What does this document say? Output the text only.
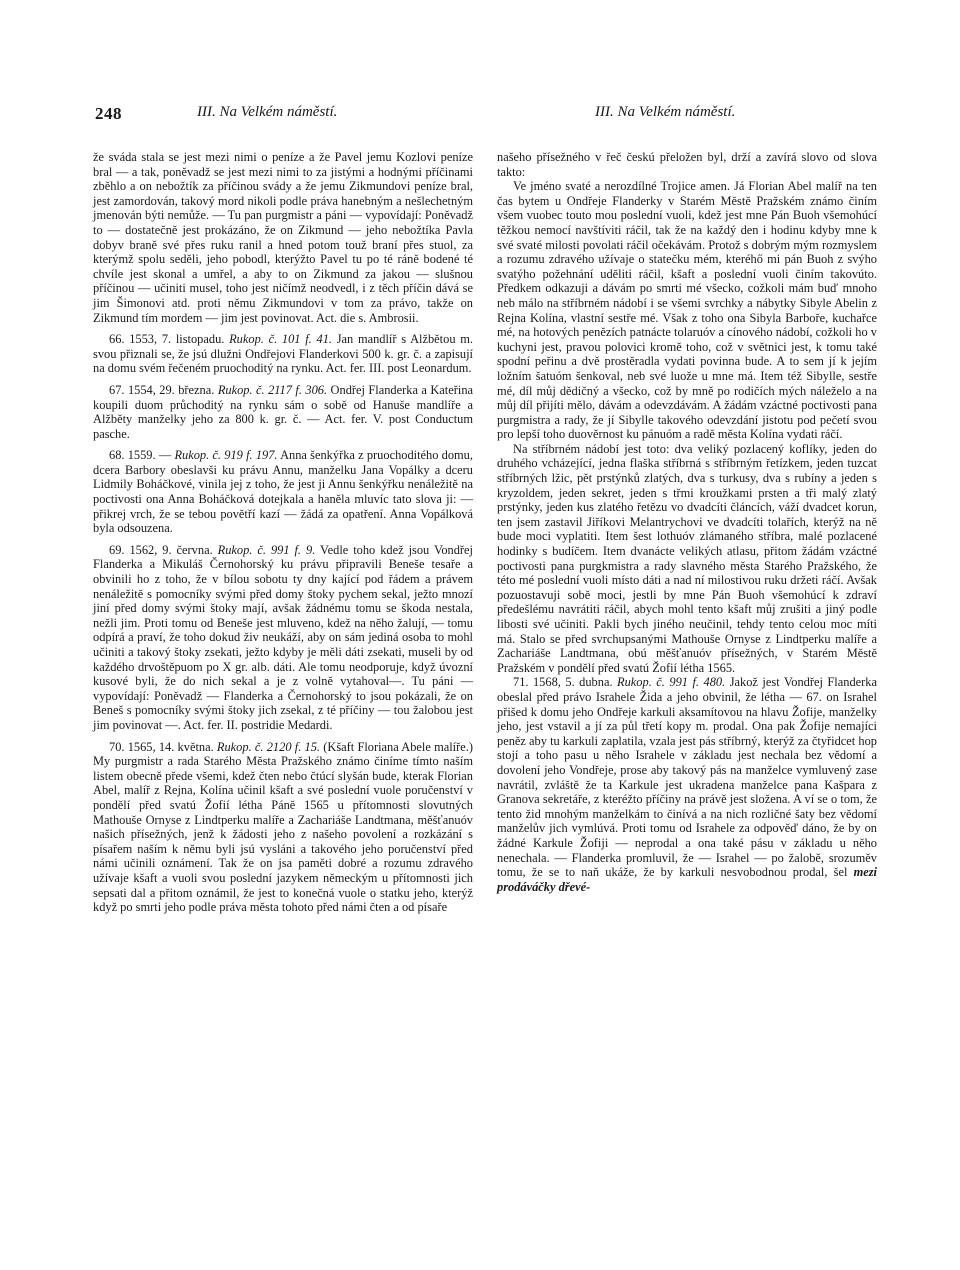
248	III. Na Velkém náměstí.	III. Na Velkém náměstí.

že sváda stala se jest mezi nimi o peníze a že Pavel jemu Kozlovi peníze bral — a tak, poněvadž se jest mezi nimi to za jistými a hodnými příčinami zběhlo a on nebožtík za příčinou svády a že jemu Zikmundovi peníze bral, jest zamordován, takový mord nikoli podle práva hanebným a nešlechetným jmenován býti nemůže. — Tu pan purgmistr a páni — vypovídají: Poněvadž to — dostatečně jest prokázáno, že on Zikmund — jeho nebožtíka Pavla dobyv braně své přes ruku ranil a hned potom touž braní přes stuol, za kterýmž spolu seděli, jeho pobodl, kterýžto Pavel tu po té ráně bodené té chvíle jest skonal a umřel, a aby to on Zikmund za jakou — slušnou příčinou — učiniti musel, toho jest ničímž neodvedl, i z těch příčin dává se jim Šimonovi atd. proti němu Zikmundovi v tom za právo, takže on Zikmund tím mordem — jim jest povinovat. Act. die s. Ambrosii.

66. 1553, 7. listopadu. Rukop. č. 101 f. 41. Jan mandlíř s Alžbětou m. svou přiznali se, že jsú dlužni Ondřejovi Flanderkovi 500 k. gr. č. a zapisují na domu svém řečeném pruochoditý na rynku. Act. fer. III. post Leonardum.

67. 1554, 29. března. Rukop. č. 2117 f. 306. Ondřej Flanderka a Kateřina koupili duom průchoditý na rynku sám o sobě od Hanuše mandlíře a Alžběty manželky jeho za 800 k. gr. č. — Act. fer. V. post Conductum pasche.

68. 1559. — Rukop. č. 919 f. 197. Anna šenkýřka z pruochoditého domu, dcera Barbory obeslavši ku právu Annu, manželku Jana Vopálky a dceru Lidmily Boháčkové, vinila jej z toho, že jest ji Annu šenkýřku nenáležitě na poctivosti ona Anna Boháčková dotejkala a haněla mluvíc tato slova ji: — přikrej vrch, že se tebou povětří kazí — žádá za opatření. Anna Vopálková byla odsouzena.

69. 1562, 9. června. Rukop. č. 991 f. 9. Vedle toho kdež jsou Vondřej Flanderka a Mikuláš Černohorský ku právu připravili Beneše tesaře a obvinili ho z toho, že v bílou sobotu ty dny kající pod řádem a právem nenáležitě s pomocníky svými před domy štoky pychem sekal, ježto mnozí jiní před domy svými štoky mají, avšak žádnému tomu se škoda nestala, nežli jim. Proti tomu od Beneše jest mluveno, kdež na něho žalují, — tomu odpírá a praví, že toho dokud živ neukáží, aby on sám jediná osoba to mohl učiniti a takový štoky zsekati, ježto kdyby je měli dáti zsekati, museli by od každého drvoštěpuom po X gr. alb. dáti. Ale tomu neodporuje, když úvozní kusové byli, že do nich sekal a je z volně vytahoval—. Tu páni — vypovídají: Poněvadž — Flanderka a Černohorský to jsou pokázali, že on Beneš s pomocníky svými štoky jich zsekal, z té příčiny — tou žalobou jest jim povinovat —. Act. fer. II. postridie Medardi.

70. 1565, 14. května. Rukop. č. 2120 f. 15. (Kšaft Floriana Abele malíře.) My purgmistr a rada Starého Města Pražského známo činíme tímto naším listem obecně přede všemi, kdež čten nebo čtúcí slyšán bude, kterak Florian Abel, malíř z Rejna, Kolína učinil kšaft a své poslední vuole poručenství v pondělí před svatú Žofií létha Páně 1565 u přítomnosti slovutných Mathouše Ornyse z Lindtperku malíře a Zachariáše Landtmana, měšťanuóv našich přísežných, jenž k žádosti jeho z našeho povolení a rozkázání s písařem naším k němu byli jsú vysláni a takového jeho poručenství před námi učinili oznámení. Tak že on jsa paměti dobré a rozumu zdravého užívaje kšaft a vuoli svou poslední jazykem německým u přítomnosti jich sepsati dal a přitom oznámil, že jest to konečná vuole o statku jeho, kterýž když po smrti jeho podle práva města tohoto před námi čten a od písaře

našeho přísežného v řeč českú přeložen byl, drží a zavírá slovo od slova takto:

Ve jméno svaté a nerozdílné Trojice amen. Já Florian Abel malíř na ten čas bytem u Ondřeje Flanderky v Starém Městě Pražském známo činím všem vuobec touto mou poslední vuoli, kdež jest mne Pán Buoh všemohúcí těžkou nemocí navštíviti ráčil, tak že na každý den i hodinu kdyby mne k své svaté milosti povolati ráčil očekávám. Protož s dobrým mým rozmyslem a rozumu zdravého užívaje o statečku mém, kteréhő mi pán Buoh z svýho svatýho požehnání uděliti ráčil, kšaft a poslední vuoli činím takovúto. Předkem odkazuji a dávám po smrti mé všecko, cožkoli mám buď mnoho neb málo na stříbrném nádobí i se všemi svrchky a nábytky Sibyle Abelin z Rejna Kolína, vlastní sestře mé. Však z toho ona Sibyla Barboře, kuchařce mé, na hotových penězích patnácte tolaruóv a cínového nádobí, cožkoli ho v kuchyni jest, pravou polovici kromě toho, což v světnici jest, k tomu také spodní peřinu a dvě prostěradla vydati povinna bude. A to sem jí k jejím ložním šatuóm šenkoval, neb své luože u mne má. Item též Sibylle, sestře mé, díl můj dědičný a všecko, což by mně po rodičích mých náleželo a na můj díl přijíti mělo, dávám a odevzdávám. A žádám vzáctné poctivosti pana purgmistra a rady, že jí Sibylle takového odevzdání jistotu pod pečetí svou pro lepší toho duověrnost ku pánuóm a radě města Kolína vydati ráčí.

Na stříbrném nádobí jest toto: dva veliký pozlacený koflíky, jeden do druhého vcházející, jedna flaška stříbrná s stříbrným řetízkem, jeden tuzcat stříbrných lžic, pět prstýnků zlatých, dva s turkusy, dva s rubíny a jeden s kryzoldem, jeden sekret, jeden s třmi kroužkami prsten a tři malý zlatý prstýnky, jeden kus zlatého řetězu vo dvadcíti článcích, váží dvadcet korun, ten jsem zastavil Jiříkovi Melantrychovi ve dvadcíti tolařích, kterýž na ně bude moci vyplatiti. Item šest lothuóv zlámaného stříbra, malé pozlacené hodinky s budíčem. Item dvanácte velikých atlasu, přitom žádám vzáctné poctivosti pana purgkmistra a rady slavného města Starého Pražského, že této mé poslední vuoli místo dáti a nad ní milostivou ruku držeti ráčí. Avšak pozuostavuji sobě moci, jestli by mne Pán Buoh všemohúcí k zdraví předešlému navrátiti ráčil, abych mohl tento kšaft můj zrušiti a jiný podle libosti své učiniti. Pakli bych jiného neučinil, tehdy tento celou moc míti má. Stalo se před svrchupsanými Mathouše Ornyse z Lindtperku malíře a Zachariáše Landtmana, obú měšťanuóv přísežných, v Starém Městě Pražském v pondělí před svatú Žofií létha 1565.

71. 1568, 5. dubna. Rukop. č. 991 f. 480. Jakož jest Vondřej Flanderka obeslal před právo Israhele Žida a jeho obvinil, že létha — 67. on Israhel přišed k domu jeho Ondřeje karkuli aksamítovou na hlavu Žofije, manželky jeho, jest vstavil a jí za půl třetí kopy m. prodal. Ona pak Žofije nemajíci peněz aby tu karkuli zaplatila, vzala jest pás stříbrný, kterýž za čtyřidcet hop stojí a toho pasu u něho Israhele v základu jest nechala bez vědomí a dovolení jeho Vondřeje, prose aby takový pás na manželce vymluvený zase navrátil, zvláště že ta Karkule jest ukradena manželce pana Kašpara z Granova sekretáře, z kteréžto příčiny na právě jest složena. A ví se o tom, že tento žid mnohým manželkám to činívá a na nich rozličné šaty bez vědomí manželův jich vymlúvá. Proti tomu od Israhele za odpověď dáno, že by on žádné Karkule Žofiji — neprodal a ona také pásu v základu u něho nenechala. — Flanderka promluvil, že — Israhel — po žalobě, srozuměv tomu, že se to naň ukáže, že by karkuli nesvobodnou prodal, šel mezi prodáváčky dřevé-
